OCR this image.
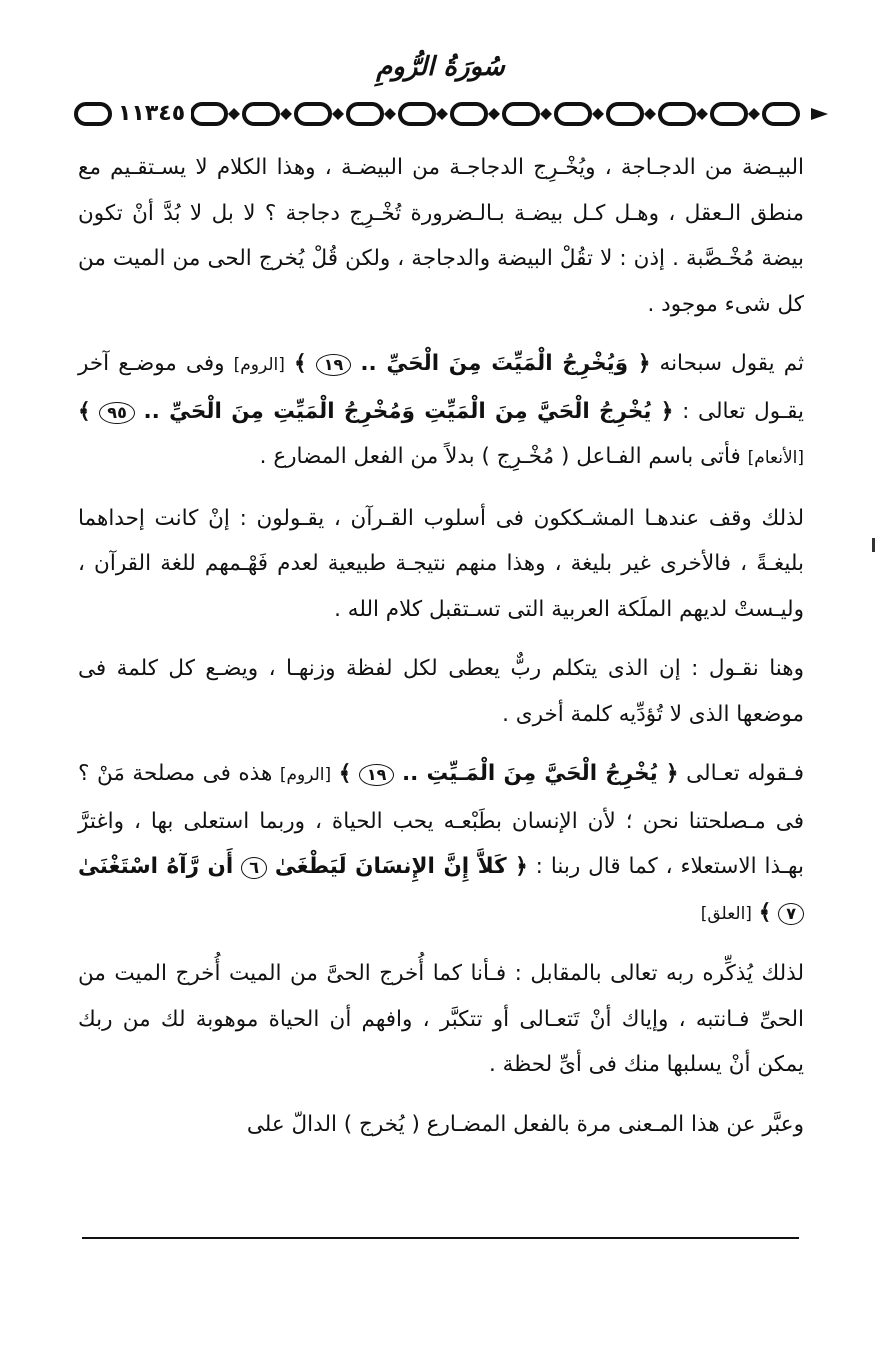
سُورَةُ الرُّومِ
١١٣٤٥

البيـضة من الدجـاجة ، ويُخْـرِج الدجاجـة من البيضـة ، وهذا الكلام لا يسـتقـيم مع منطق الـعقل ، وهـل كـل بيضـة بـالـضرورة تُخْـرِج دجاجة ؟ لا بل لا بُدَّ أنْ تكون بيضة مُخْـصَّبة . إذن : لا تقُلْ البيضة والدجاجة ، ولكن قُلْ يُخرج الحى من الميت من كل شىء موجود .

ثم يقول سبحانه ﴿ وَيُخْرِجُ الْمَيِّتَ مِنَ الْحَيِّ .. ١٩ ﴾ [الروم] وفى موضـع آخر يقـول تعالى : ﴿ يُخْرِجُ الْحَيَّ مِنَ الْمَيِّتِ وَمُخْرِجُ الْمَيِّتِ مِنَ الْحَيِّ .. ٩٥ ﴾ [الأنعام] فأتى باسم الفـاعل ( مُخْـرِج ) بدلاً من الفعل المضارع .

لذلك وقف عندهـا المشـككون فى أسلوب القـرآن ، يقـولون : إنْ كانت إحداهما بليغـةً ، فالأخرى غير بليغة ، وهذا منهم نتيجـة طبيعية لعدم فَهْـمهم للغة القرآن ، وليـستْ لديهم الملَكة العربية التى تسـتقبل كلام الله .

وهنا نقـول : إن الذى يتكلم ربٌّ يعطى لكل لفظة وزنهـا ، ويضـع كل كلمة فى موضعها الذى لا تُؤدِّيه كلمة أخرى .

فـقوله تعـالى ﴿ يُخْرِجُ الْحَيَّ مِنَ الْمَـيِّتِ .. ١٩ ﴾ [الروم] هذه فى مصلحة مَنْ ؟ فى مـصلحتنا نحن ؛ لأن الإنسان بطَبْعـه يحب الحياة ، وربما استعلى بها ، واغترَّ بهـذا الاستعلاء ، كما قال ربنا : ﴿ كَلاَّ إِنَّ الإِنسَانَ لَيَطْغَىٰ ٦ أَن رَّآهُ اسْتَغْنَىٰ ٧ ﴾ [العلق]

لذلك يُذكِّره ربه تعالى بالمقابل : فـأنا كما أُخرج الحىَّ من الميت أُخرج الميت من الحىِّ فـانتبه ، وإياك أنْ تَتعـالى أو تتكبَّر ، وافهم أن الحياة موهوبة لك من ربك يمكن أنْ يسلبها منك فى أىِّ لحظة .

وعبَّر عن هذا المـعنى مرة بالفعل المضـارع ( يُخرج ) الدالّ على
